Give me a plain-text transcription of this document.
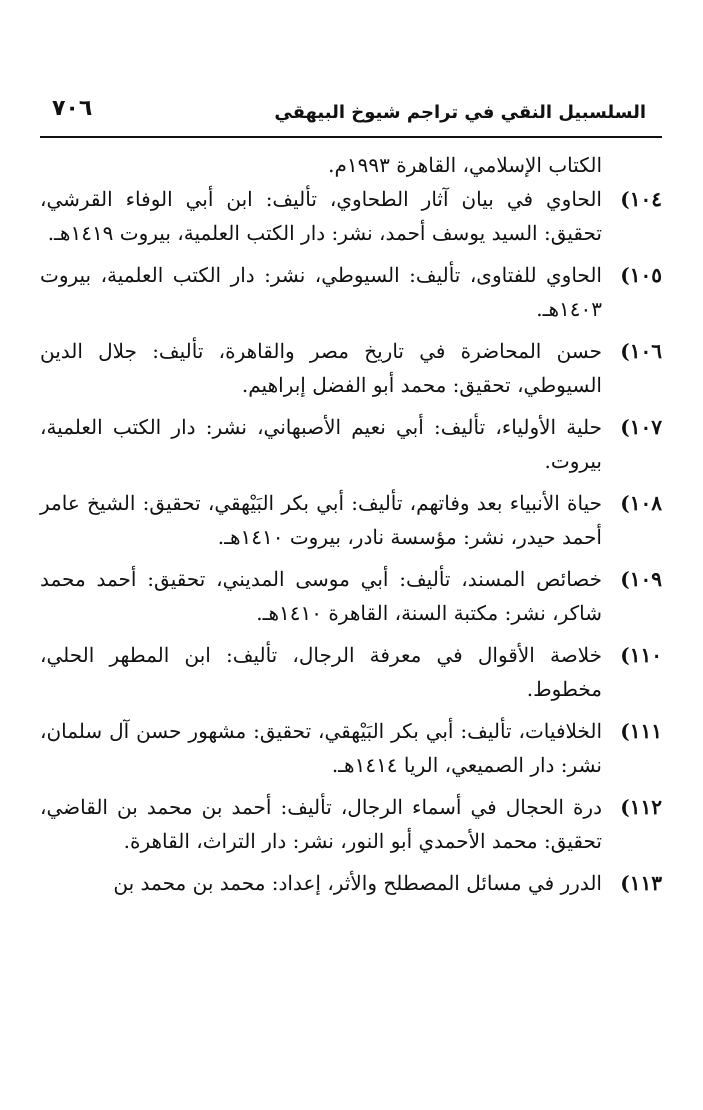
السلسبيل النقي في تراجم شيوخ البيهقي
٧٠٦
الكتاب الإسلامي، القاهرة ١٩٩٣م.
١٠٤)
الحاوي في بيان آثار الطحاوي، تأليف: ابن أبي الوفاء القرشي، تحقيق: السيد يوسف أحمد، نشر: دار الكتب العلمية، بيروت ١٤١٩هـ.
١٠٥)
الحاوي للفتاوى، تأليف: السيوطي، نشر: دار الكتب العلمية، بيروت ١٤٠٣هـ.
١٠٦)
حسن المحاضرة في تاريخ مصر والقاهرة، تأليف: جلال الدين السيوطي، تحقيق: محمد أبو الفضل إبراهيم.
١٠٧)
حلية الأولياء، تأليف: أبي نعيم الأصبهاني، نشر: دار الكتب العلمية، بيروت.
١٠٨)
حياة الأنبياء بعد وفاتهم، تأليف: أبي بكر البَيْهقي، تحقيق: الشيخ عامر أحمد حيدر، نشر: مؤسسة نادر، بيروت ١٤١٠هـ.
١٠٩)
خصائص المسند، تأليف: أبي موسى المديني، تحقيق: أحمد محمد شاكر، نشر: مكتبة السنة، القاهرة ١٤١٠هـ.
١١٠)
خلاصة الأقوال في معرفة الرجال، تأليف: ابن المطهر الحلي، مخطوط.
١١١)
الخلافيات، تأليف: أبي بكر البَيْهقي، تحقيق: مشهور حسن آل سلمان، نشر: دار الصميعي، الريا ١٤١٤هـ.
١١٢)
درة الحجال في أسماء الرجال، تأليف: أحمد بن محمد بن القاضي، تحقيق: محمد الأحمدي أبو النور، نشر: دار التراث، القاهرة.
١١٣)
الدرر في مسائل المصطلح والأثر، إعداد: محمد بن محمد بن
